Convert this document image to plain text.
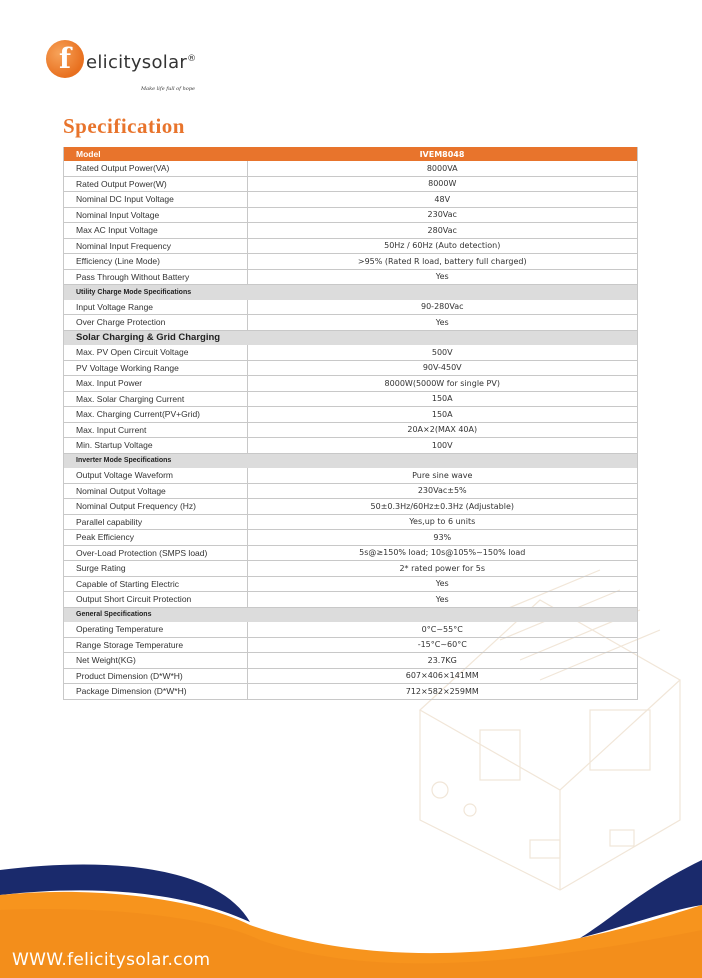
f elicitysolar®
Make life full of hope
Specification
Model	IVEM8048
Rated Output Power(VA)	8000VA
Rated Output Power(W)	8000W
Nominal DC Input Voltage	48V
Nominal Input Voltage	230Vac
Max AC Input Voltage	280Vac
Nominal Input Frequency	50Hz / 60Hz (Auto detection)
Efficiency (Line Mode)	>95% (Rated R load, battery full charged)
Pass Through Without Battery	Yes
Utility Charge Mode Specifications	
Input Voltage Range	90-280Vac
Over Charge Protection	Yes
Solar Charging & Grid Charging	
Max. PV Open Circuit Voltage	500V
PV Voltage Working Range	90V-450V
Max. Input Power	8000W(5000W for single PV)
Max. Solar Charging Current	150A
Max. Charging Current(PV+Grid)	150A
Max. Input Current	20A×2(MAX 40A)
Min. Startup Voltage	100V
Inverter Mode Specifications	
Output Voltage Waveform	Pure sine wave
Nominal Output Voltage	230Vac±5%
Nominal Output Frequency (Hz)	50±0.3Hz/60Hz±0.3Hz (Adjustable)
Parallel capability	Yes,up to 6 units
Peak Efficiency	93%
Over-Load Protection (SMPS load)	5s@≥150% load; 10s@105%~150% load
Surge Rating	2* rated power for 5s
Capable of Starting Electric	Yes
Output Short Circuit Protection	Yes
General Specifications	
Operating Temperature	0°C~55°C
Range Storage Temperature	-15°C~60°C
Net Weight(KG)	23.7KG
Product Dimension (D*W*H)	607×406×141MM
Package Dimension (D*W*H)	712×582×259MM
WWW.felicitysolar.com
